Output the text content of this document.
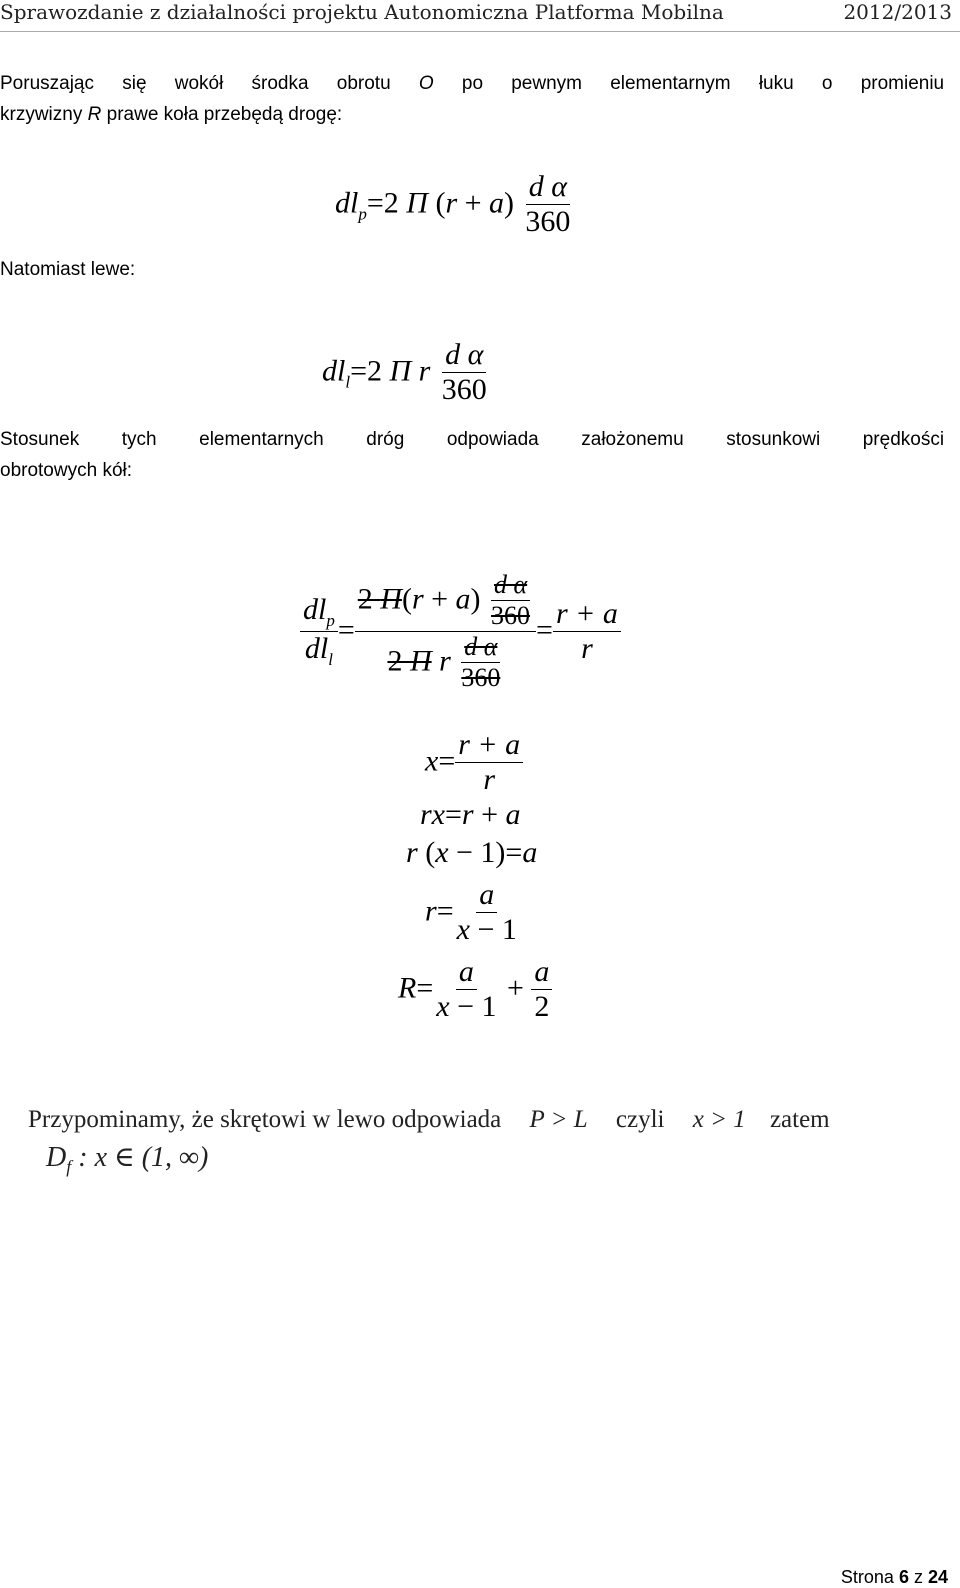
Sprawozdanie z działalności projektu Autonomiczna Platforma Mobilna	2012/2013
Poruszając się wokół środka obrotu O po pewnym elementarnym łuku o promieniu
krzywizny R prawe koła przebędą drogę:
$dl_p=2$ Π $(r + a) \frac{\text{d α}}{360}$
Natomiast lewe:
$dl_l=2$ Π r $\frac{\text{d α}}{360}$
Stosunek tych elementarnych dróg odpowiada założonemu stosunkowi prędkości
obrotowych kół:
$\frac{dl_p}{dl_l} = \frac{2 \Pi(r + a) \frac{\text{d α}}{360}}{2 \Pi r \frac{\text{d α}}{360}} = \frac{r + a}{r}$
$x= \frac{r + a}{r}$
rx=r + a
r (x − 1)=a
$r= \frac{a}{x - 1}$
$R= \frac{a}{x - 1} + \frac{a}{2}$
Przypominamy, że skrętowi w lewo odpowiada P > L czyli x > 1 zatem
$D_f$ : x ∈ (1, ∞)
Strona 6 z 24
